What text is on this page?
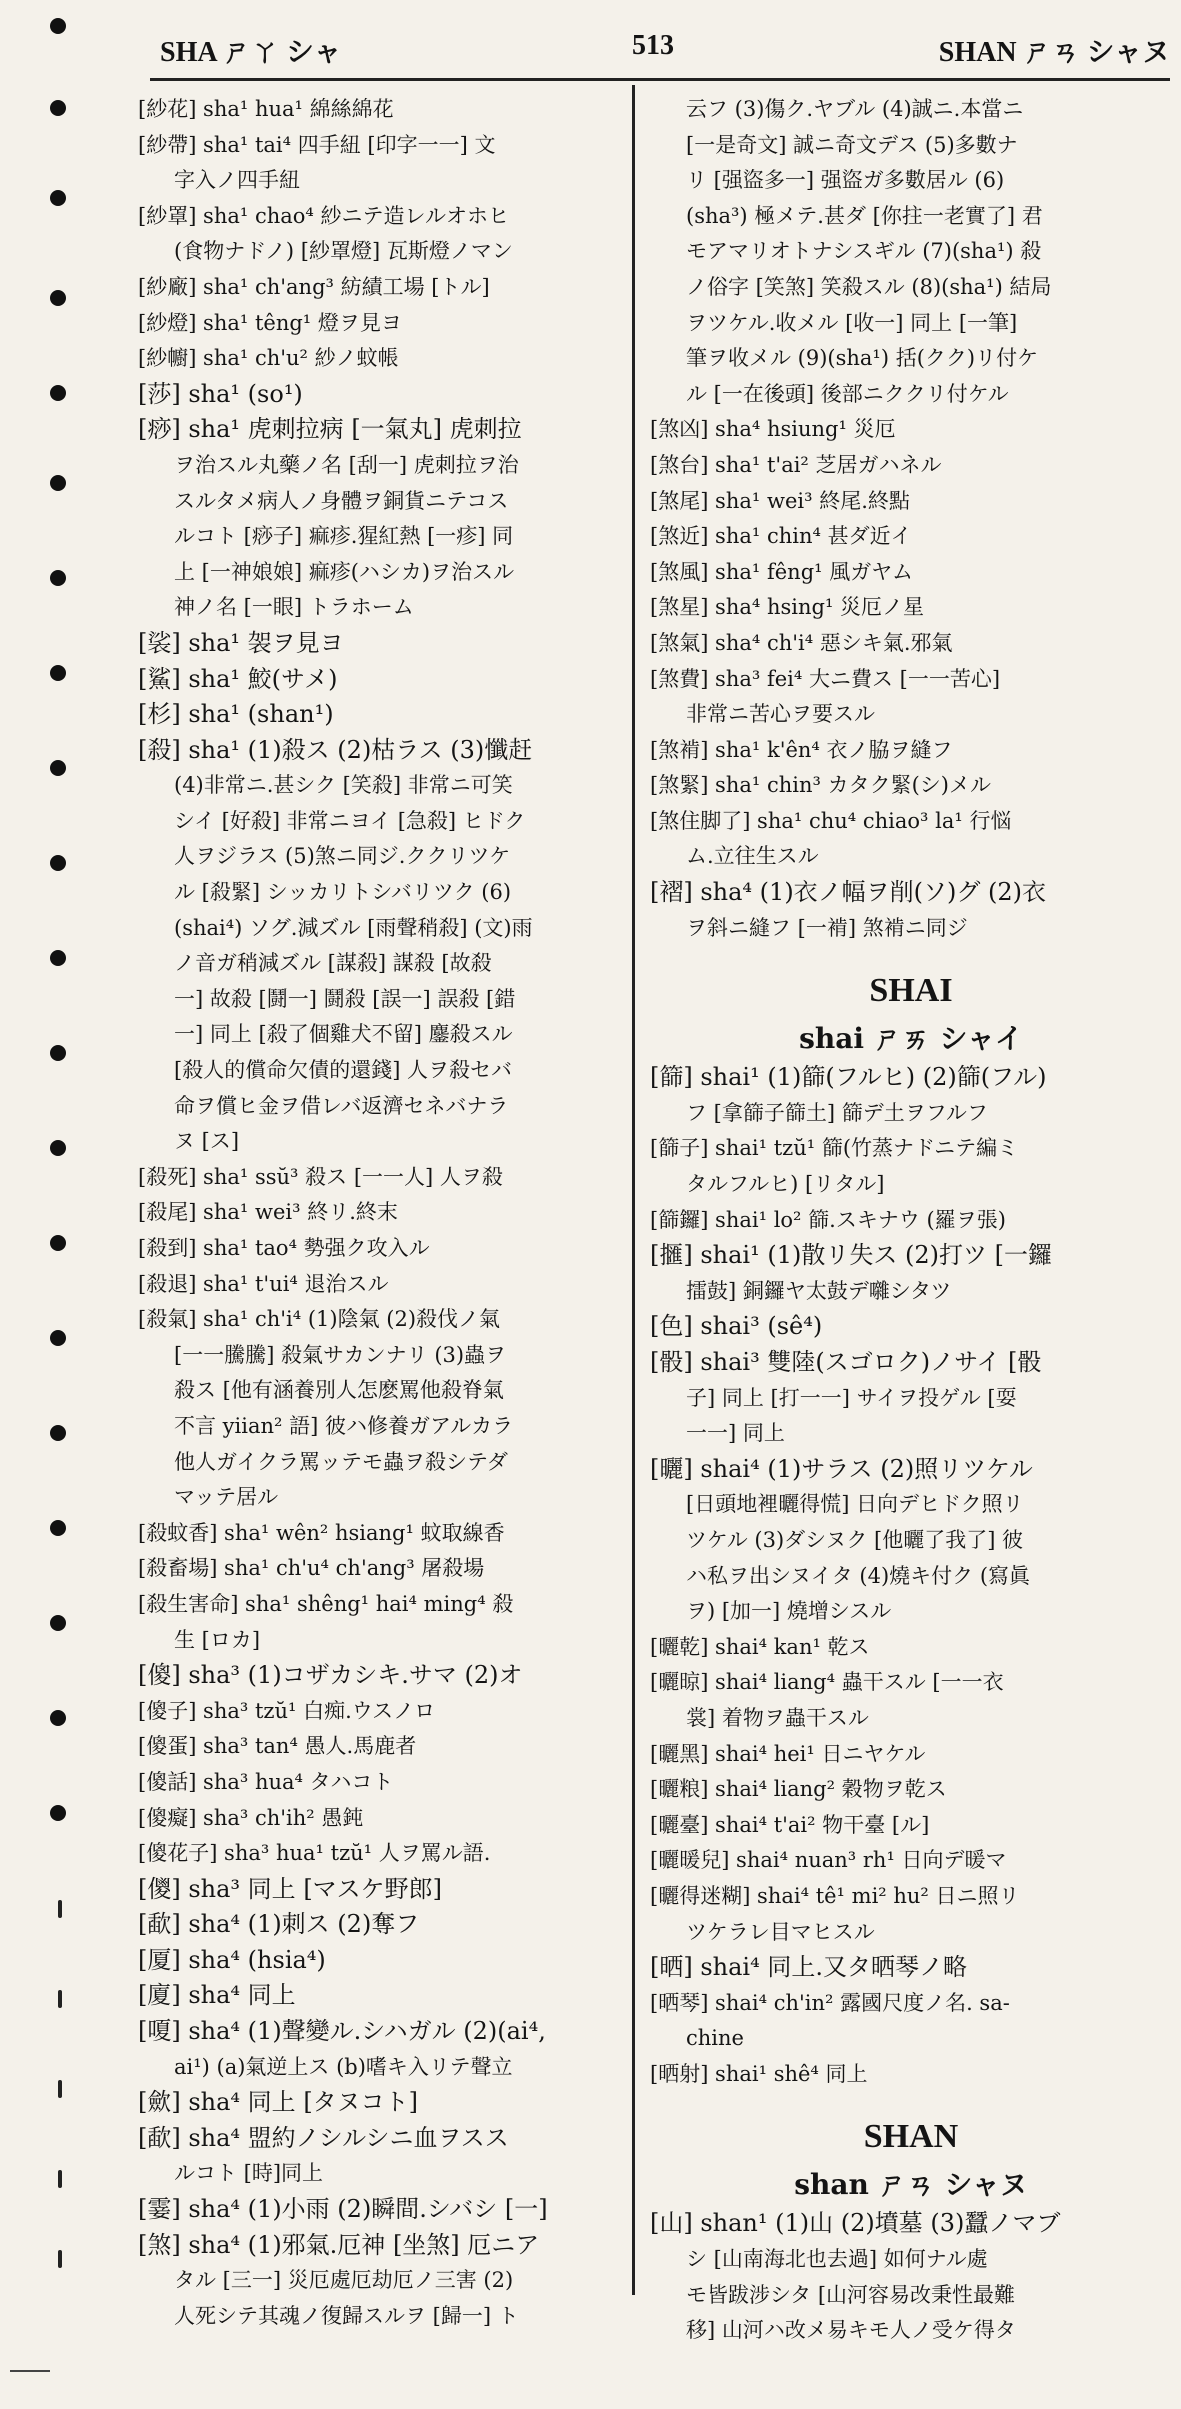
SHA ㄕㄚ シャ	513	SHAN ㄕㄢ シャヌ
[紗花] sha¹ hua¹ 綿絲綿花
[紗帶] sha¹ tai⁴ 四手紐 [印字一一] 文
字入ノ四手紐
[紗罩] sha¹ chao⁴ 紗ニテ造レルオホヒ
(食物ナドノ) [紗罩燈] 瓦斯燈ノマン
[紗廠] sha¹ ch'ang³ 紡績工場 [トル]
[紗燈] sha¹ têng¹ 燈ヲ見ヨ
[紗幮] sha¹ ch'u² 紗ノ蚊帳
[莎] sha¹ (so¹)
[痧] sha¹ 虎刺拉病 [一氣丸] 虎刺拉
ヲ治スル丸藥ノ名 [刮一] 虎刺拉ヲ治
スルタメ病人ノ身體ヲ銅貨ニテコス
ルコト [痧子] 痲疹.猩紅熱 [一疹] 同
上 [一神娘娘] 痲疹(ハシカ)ヲ治スル
神ノ名 [一眼] トラホーム
[裟] sha¹ 袈ヲ見ヨ
[鯊] sha¹ 鮫(サメ)
[杉] sha¹ (shan¹)
[殺] sha¹ (1)殺ス (2)枯ラス (3)懺赶
(4)非常ニ.甚シク [笑殺] 非常ニ可笑
シイ [好殺] 非常ニヨイ [急殺] ヒドク
人ヲジラス (5)煞ニ同ジ.ククリツケ
ル [殺緊] シッカリトシバリツク (6)
(shai⁴) ソグ.減ズル [雨聲稍殺] (文)雨
ノ音ガ稍減ズル [謀殺] 謀殺 [故殺
一] 故殺 [鬪一] 鬪殺 [誤一] 誤殺 [錯
一] 同上 [殺了個雞犬不留] 鏖殺スル
[殺人的償命欠債的還錢] 人ヲ殺セバ
命ヲ償ヒ金ヲ借レバ返濟セネバナラ
ヌ [ス]
[殺死] sha¹ ssŭ³ 殺ス [一一人] 人ヲ殺
[殺尾] sha¹ wei³ 終リ.終末
[殺到] sha¹ tao⁴ 勢强ク攻入ル
[殺退] sha¹ t'ui⁴ 退治スル
[殺氣] sha¹ ch'i⁴ (1)陰氣 (2)殺伐ノ氣
[一一騰騰] 殺氣サカンナリ (3)蟲ヲ
殺ス [他有涵養別人怎麽罵他殺脊氣
不言 yiian² 語] 彼ハ修養ガアルカラ
他人ガイクラ罵ッテモ蟲ヲ殺シテダ
マッテ居ル
[殺蚊香] sha¹ wên² hsiang¹ 蚊取線香
[殺畜場] sha¹ ch'u⁴ ch'ang³ 屠殺場
[殺生害命] sha¹ shêng¹ hai⁴ ming⁴ 殺
生 [ロカ]
[傻] sha³ (1)コザカシキ.サマ (2)オ
[傻子] sha³ tzŭ¹ 白痴.ウスノロ
[傻蛋] sha³ tan⁴ 愚人.馬鹿者
[傻話] sha³ hua⁴ タハコト
[傻癡] sha³ ch'ih² 愚鈍
[傻花子] sha³ hua¹ tzŭ¹ 人ヲ罵ル語.
[儍] sha³ 同上 [マスケ野郎]
[歃] sha⁴ (1)刺ス (2)奪フ
[厦] sha⁴ (hsia⁴)
[廈] sha⁴ 同上
[嗄] sha⁴ (1)聲變ル.シハガル (2)(ai⁴,
ai¹) (a)氣逆上ス (b)嗜キ入リテ聲立
[歛] sha⁴ 同上 [タヌコト]
[歃] sha⁴ 盟約ノシルシニ血ヲスス
ルコト [時]同上
[霎] sha⁴ (1)小雨 (2)瞬間.シバシ [一]
[煞] sha⁴ (1)邪氣.厄神 [坐煞] 厄ニア
タル [三一] 災厄處厄劫厄ノ三害 (2)
人死シテ其魂ノ復歸スルヲ [歸一] ト
云フ (3)傷ク.ヤブル (4)誠ニ.本當ニ
[一是奇文] 誠ニ奇文デス (5)多數ナ
リ [强盜多一] 强盜ガ多數居ル (6)
(sha³) 極メテ.甚ダ [你拄一老實了] 君
モアマリオトナシスギル (7)(sha¹) 殺
ノ俗字 [笑煞] 笑殺スル (8)(sha¹) 結局
ヲツケル.收メル [收一] 同上 [一筆]
筆ヲ收メル (9)(sha¹) 括(クク)リ付ケ
ル [一在後頭] 後部ニククリ付ケル
[煞凶] sha⁴ hsiung¹ 災厄
[煞台] sha¹ t'ai² 芝居ガハネル
[煞尾] sha¹ wei³ 終尾.終點
[煞近] sha¹ chin⁴ 甚ダ近イ
[煞風] sha¹ fêng¹ 風ガヤム
[煞星] sha⁴ hsing¹ 災厄ノ星
[煞氣] sha⁴ ch'i⁴ 惡シキ氣.邪氣
[煞費] sha³ fei⁴ 大ニ費ス [一一苦心]
非常ニ苦心ヲ要スル
[煞褃] sha¹ k'ên⁴ 衣ノ脇ヲ縫フ
[煞緊] sha¹ chin³ カタク緊(シ)メル
[煞住脚了] sha¹ chu⁴ chiao³ la¹ 行悩
ム.立往生スル
[褶] sha⁴ (1)衣ノ幅ヲ削(ソ)グ (2)衣
ヲ斜ニ縫フ [一褃] 煞褃ニ同ジ
SHAI
shai ㄕㄞ シャイ
[篩] shai¹ (1)篩(フルヒ) (2)篩(フル)
フ [拿篩子篩土] 篩デ土ヲフルフ
[篩子] shai¹ tzŭ¹ 篩(竹蒸ナドニテ編ミ
タルフルヒ) [リタル]
[篩鑼] shai¹ lo² 篩.スキナウ (羅ヲ張)
[擓] shai¹ (1)散リ失ス (2)打ツ [一鑼
擂鼓] 銅鑼ヤ太鼓デ囃シタツ
[色] shai³ (sê⁴)
[骰] shai³ 雙陸(スゴロク)ノサイ [骰
子] 同上 [打一一] サイヲ投ゲル [耍
一一] 同上
[曬] shai⁴ (1)サラス (2)照リツケル
[日頭地裡曬得慌] 日向デヒドク照リ
ツケル (3)ダシヌク [他曬了我了] 彼
ハ私ヲ出シヌイタ (4)燒キ付ク (寫眞
ヲ) [加一] 燒增シスル
[曬乾] shai⁴ kan¹ 乾ス
[曬晾] shai⁴ liang⁴ 蟲干スル [一一衣
裳] 着物ヲ蟲干スル
[曬黑] shai⁴ hei¹ 日ニヤケル
[曬粮] shai⁴ liang² 穀物ヲ乾ス
[曬臺] shai⁴ t'ai² 物干臺 [ル]
[曬暖兒] shai⁴ nuan³ rh¹ 日向デ暖マ
[曬得迷糊] shai⁴ tê¹ mi² hu² 日ニ照リ
ツケラレ目マヒスル
[晒] shai⁴ 同上.又タ晒琴ノ略
[晒琴] shai⁴ ch'in² 露國尺度ノ名. sa-
chine
[晒射] shai¹ shê⁴ 同上
SHAN
shan ㄕㄢ シャヌ
[山] shan¹ (1)山 (2)墳墓 (3)蠶ノマブ
シ [山南海北也去過] 如何ナル處
モ皆跋涉シタ [山河容易改秉性最難
移] 山河ハ改メ易キモ人ノ受ケ得タ
